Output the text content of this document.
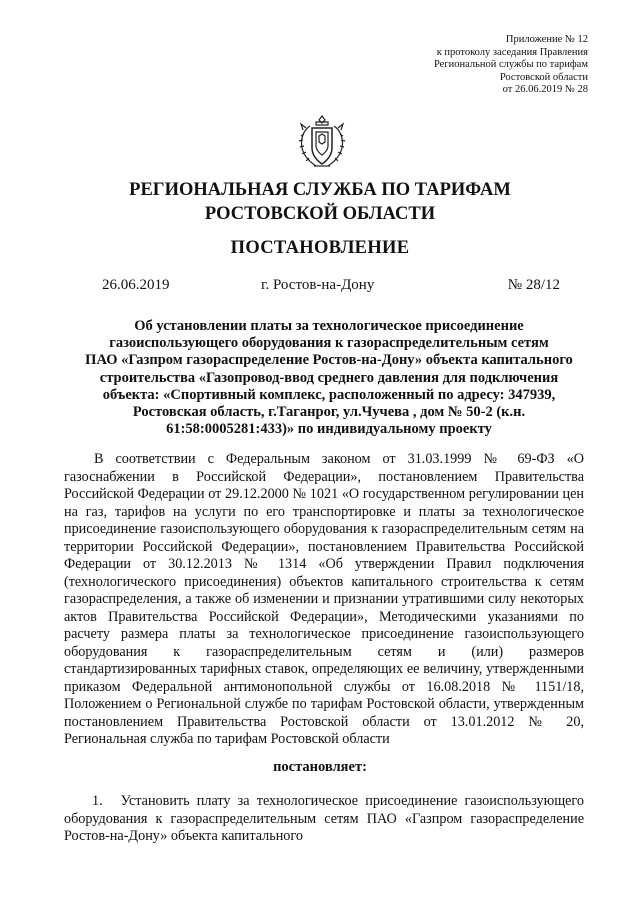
Приложение № 12
к протоколу заседания Правления
Региональной службы по тарифам
Ростовской области
от 26.06.2019 № 28
РЕГИОНАЛЬНАЯ СЛУЖБА ПО ТАРИФАМ
РОСТОВСКОЙ ОБЛАСТИ
ПОСТАНОВЛЕНИЕ
26.06.2019	г. Ростов-на-Дону	№ 28/12
Об установлении платы за технологическое присоединение
газоиспользующего оборудования к газораспределительным сетям
ПАО «Газпром газораспределение Ростов-на-Дону» объекта капитального
строительства «Газопровод-ввод среднего давления для подключения
объекта: «Спортивный комплекс, расположенный по адресу: 347939,
Ростовская область, г.Таганрог, ул.Чучева , дом № 50-2 (к.н.
61:58:0005281:433)» по индивидуальному проекту

В соответствии с Федеральным законом от 31.03.1999 № 69-ФЗ «О газоснабжении в Российской Федерации», постановлением Правительства Российской Федерации от 29.12.2000 № 1021 «О государственном регулировании цен на газ, тарифов на услуги по его транспортировке и платы за технологическое присоединение газоиспользующего оборудования к газораспределительным сетям на территории Российской Федерации», постановлением Правительства Российской Федерации от 30.12.2013 № 1314 «Об утверждении Правил подключения (технологического присоединения) объектов капитального строительства к сетям газораспределения, а также об изменении и признании утратившими силу некоторых актов Правительства Российской Федерации», Методическими указаниями по расчету размера платы за технологическое присоединение газоиспользующего оборудования к газораспределительным сетям и (или) размеров стандартизированных тарифных ставок, определяющих ее величину, утвержденными приказом Федеральной антимонопольной службы от 16.08.2018 № 1151/18, Положением о Региональной службе по тарифам Ростовской области, утвержденным постановлением Правительства Ростовской области от 13.01.2012 № 20, Региональная служба по тарифам Ростовской области

постановляет:

1. Установить плату за технологическое присоединение газоиспользующего оборудования к газораспределительным сетям ПАО «Газпром газораспределение Ростов-на-Дону» объекта капитального
